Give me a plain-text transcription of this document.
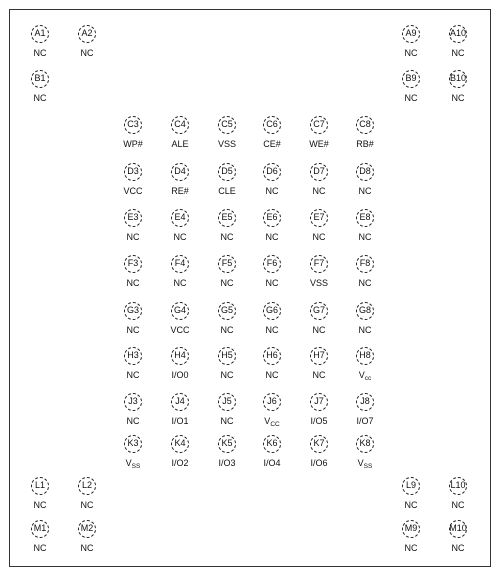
A1
NC
A2
NC
A9
NC
A10
NC
B1
NC
B9
NC
B10
NC
C3
WP#
C4
ALE
C5
VSS
C6
CE#
C7
WE#
C8
RB#
D3
VCC
D4
RE#
D5
CLE
D6
NC
D7
NC
D8
NC
E3
NC
E4
NC
E5
NC
E6
NC
E7
NC
E8
NC
F3
NC
F4
NC
F5
NC
F6
NC
F7
VSS
F8
NC
G3
NC
G4
VCC
G5
NC
G6
NC
G7
NC
G8
NC
H3
NC
H4
I/O0
H5
NC
H6
NC
H7
NC
H8
$V_{cc}$
J3
NC
J4
I/O1
J5
NC
J6
$V_{CC}$
J7
I/O5
J8
I/O7
K3
$V_{SS}$
K4
I/O2
K5
I/O3
K6
I/O4
K7
I/O6
K8
$V_{SS}$
L1
NC
L2
NC
L9
NC
L10
NC
M1
NC
M2
NC
M9
NC
M10
NC
